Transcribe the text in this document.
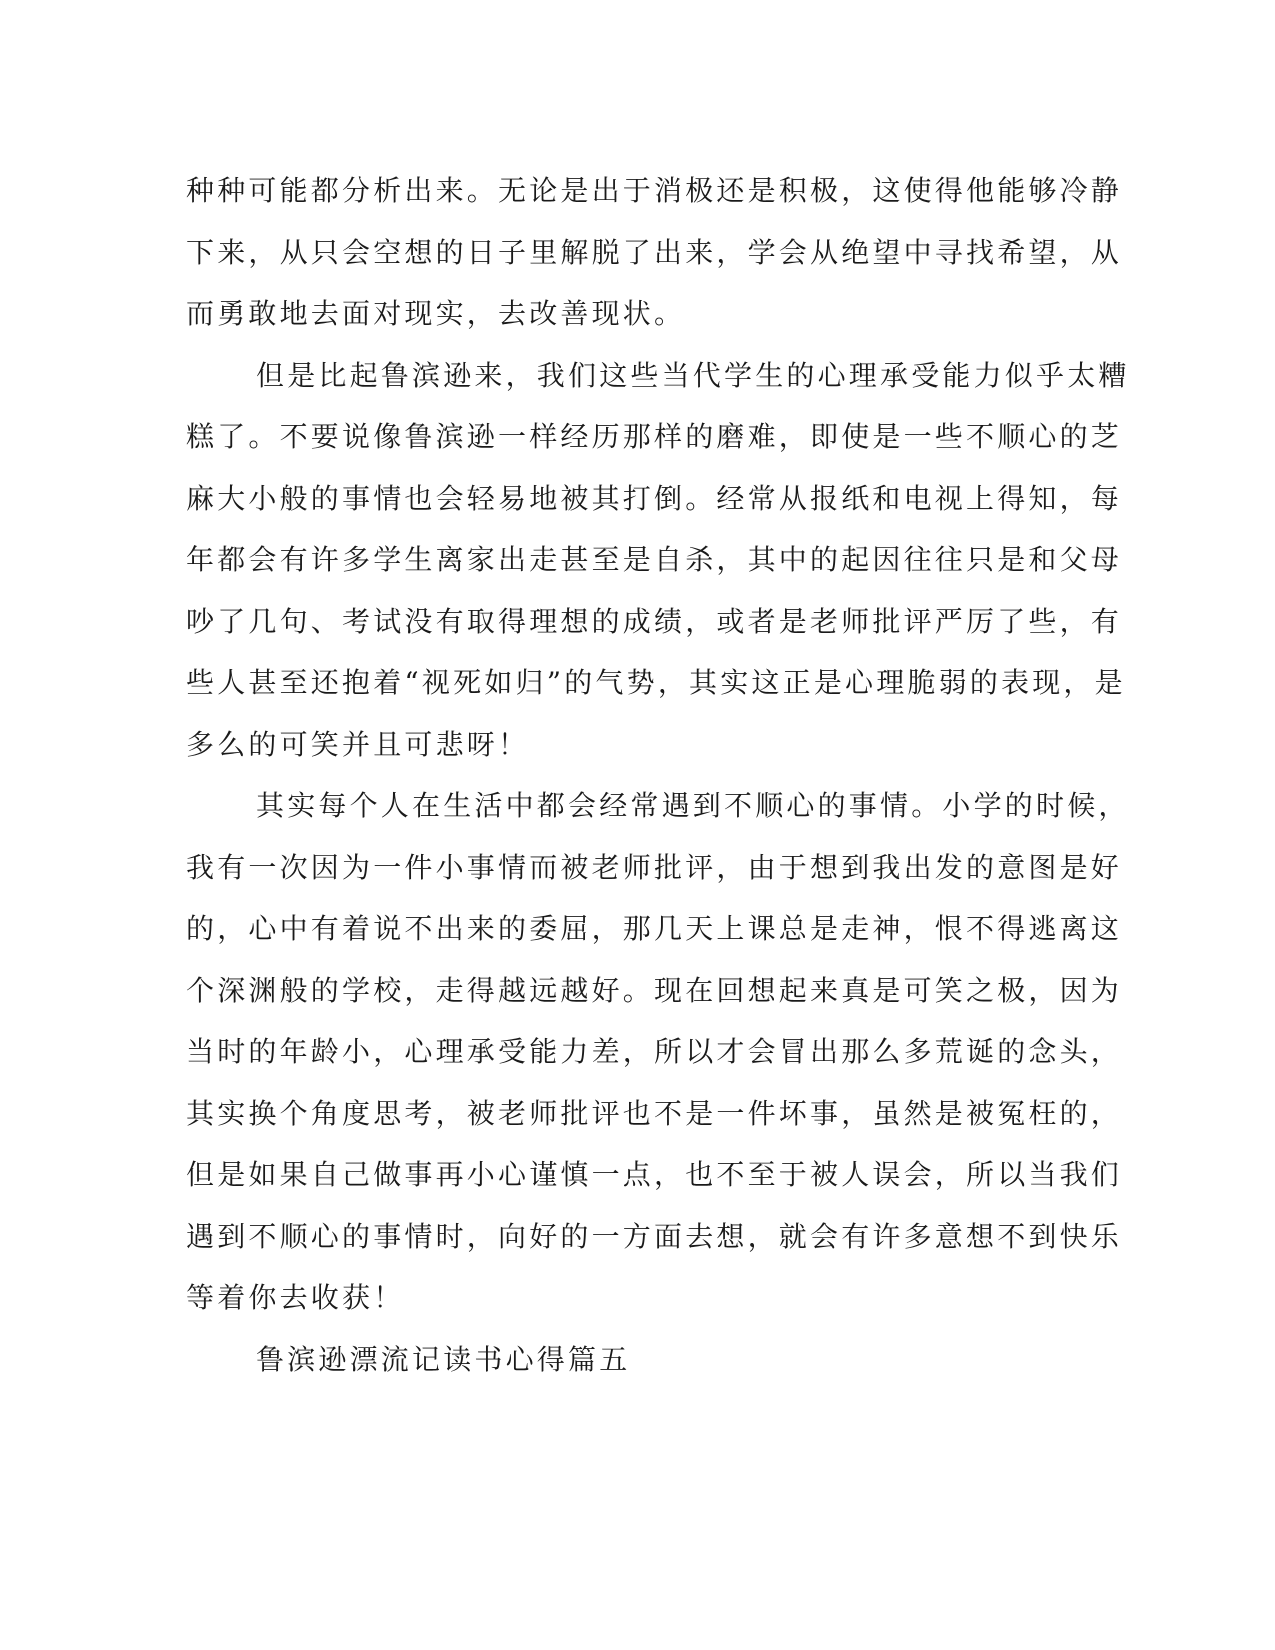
种种可能都分析出来。无论是出于消极还是积极，这使得他能够冷静
下来，从只会空想的日子里解脱了出来，学会从绝望中寻找希望，从
而勇敢地去面对现实，去改善现状。
但是比起鲁滨逊来，我们这些当代学生的心理承受能力似乎太糟
糕了。不要说像鲁滨逊一样经历那样的磨难，即使是一些不顺心的芝
麻大小般的事情也会轻易地被其打倒。经常从报纸和电视上得知，每
年都会有许多学生离家出走甚至是自杀，其中的起因往往只是和父母
吵了几句、考试没有取得理想的成绩，或者是老师批评严厉了些，有
些人甚至还抱着“视死如归”的气势，其实这正是心理脆弱的表现，是
多么的可笑并且可悲呀！
其实每个人在生活中都会经常遇到不顺心的事情。小学的时候，
我有一次因为一件小事情而被老师批评，由于想到我出发的意图是好
的，心中有着说不出来的委屈，那几天上课总是走神，恨不得逃离这
个深渊般的学校，走得越远越好。现在回想起来真是可笑之极，因为
当时的年龄小，心理承受能力差，所以才会冒出那么多荒诞的念头，
其实换个角度思考，被老师批评也不是一件坏事，虽然是被冤枉的，
但是如果自己做事再小心谨慎一点，也不至于被人误会，所以当我们
遇到不顺心的事情时，向好的一方面去想，就会有许多意想不到快乐
等着你去收获！
鲁滨逊漂流记读书心得篇五
